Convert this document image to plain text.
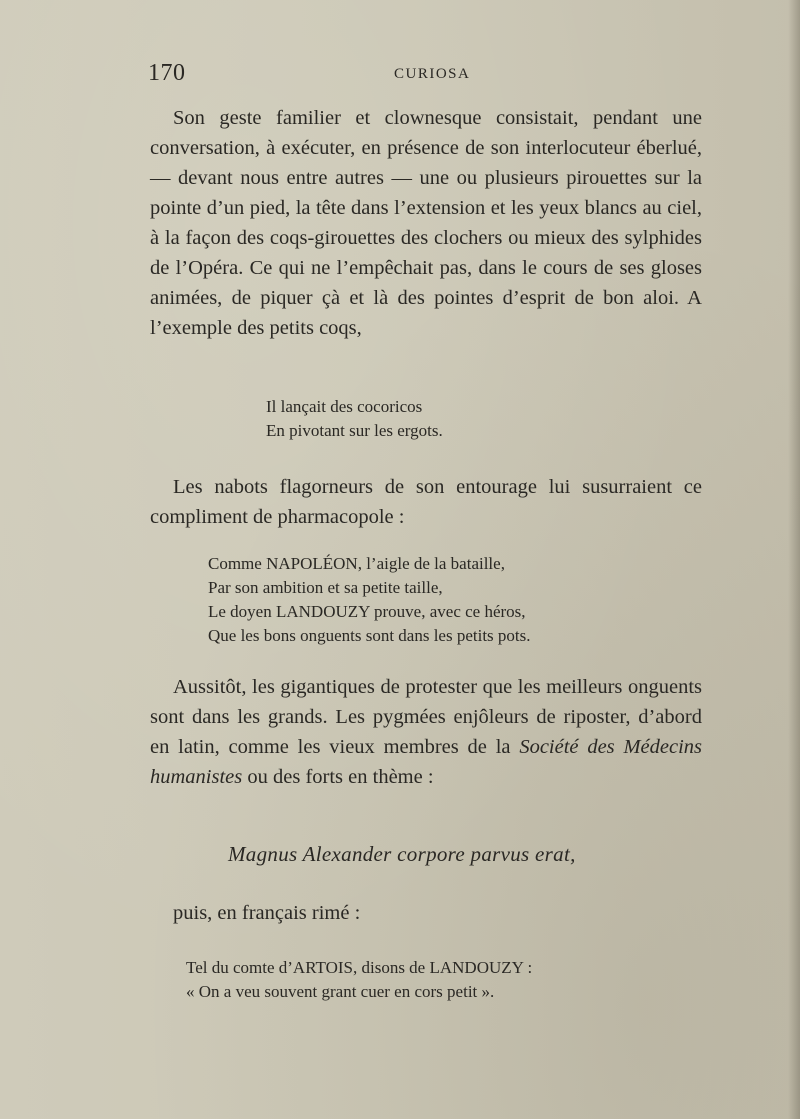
170	CURIOSA

Son geste familier et clownesque consistait, pendant une conversation, à exécuter, en présence de son interlocuteur éberlué, — devant nous entre autres — une ou plusieurs pirouettes sur la pointe d’un pied, la tête dans l’extension et les yeux blancs au ciel, à la façon des coqs-girouettes des clochers ou mieux des sylphides de l’Opéra. Ce qui ne l’empêchait pas, dans le cours de ses gloses animées, de piquer çà et là des pointes d’esprit de bon aloi. A l’exemple des petits coqs,

Il lançait des cocoricos
En pivotant sur les ergots.

Les nabots flagorneurs de son entourage lui susurraient ce compliment de pharmacopole :

Comme NAPOLÉON, l’aigle de la bataille,
Par son ambition et sa petite taille,
Le doyen LANDOUZY prouve, avec ce héros,
Que les bons onguents sont dans les petits pots.

Aussitôt, les gigantiques de protester que les meilleurs onguents sont dans les grands. Les pygmées enjôleurs de riposter, d’abord en latin, comme les vieux membres de la Société des Médecins humanistes ou des forts en thème :

Magnus Alexander corpore parvus erat,

puis, en français rimé :

Tel du comte d’ARTOIS, disons de LANDOUZY :
« On a veu souvent grant cuer en cors petit ».
